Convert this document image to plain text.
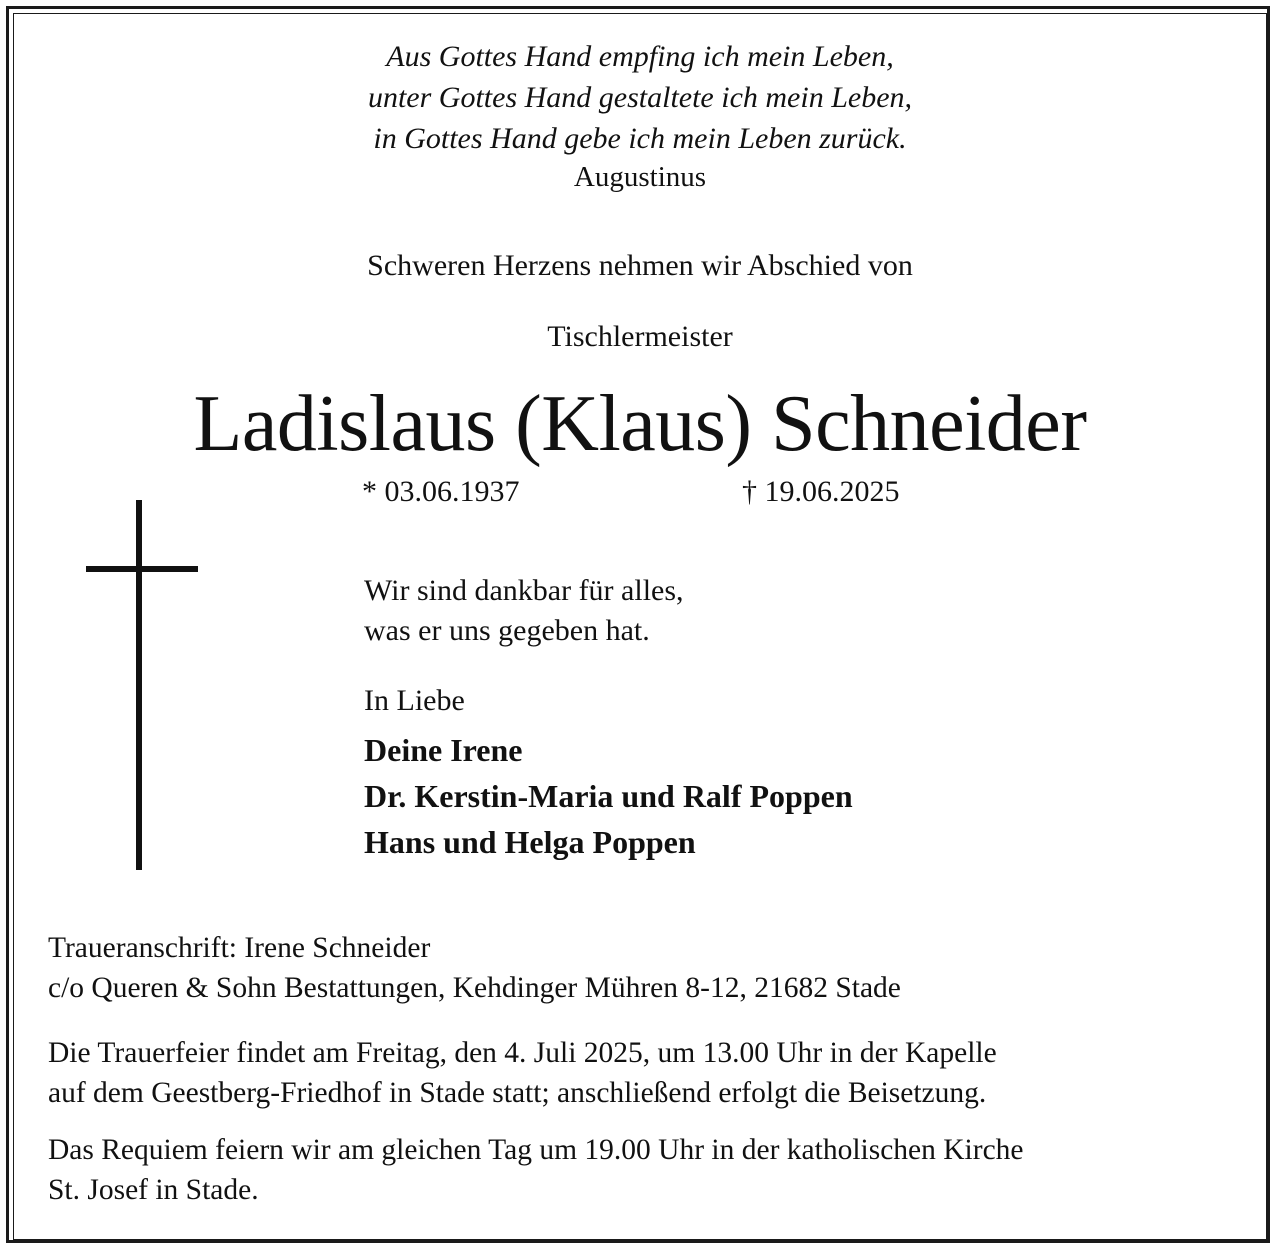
Aus Gottes Hand empfing ich mein Leben,
unter Gottes Hand gestaltete ich mein Leben,
in Gottes Hand gebe ich mein Leben zurück.
Augustinus
Schweren Herzens nehmen wir Abschied von
Tischlermeister
Ladislaus (Klaus) Schneider
* 03.06.1937	† 19.06.2025
Wir sind dankbar für alles,
was er uns gegeben hat.
In Liebe
Deine Irene
Dr. Kerstin-Maria und Ralf Poppen
Hans und Helga Poppen
Traueranschrift: Irene Schneider
c/o Queren & Sohn Bestattungen, Kehdinger Mühren 8-12, 21682 Stade
Die Trauerfeier findet am Freitag, den 4. Juli 2025, um 13.00 Uhr in der Kapelle
auf dem Geestberg-Friedhof in Stade statt; anschließend erfolgt die Beisetzung.
Das Requiem feiern wir am gleichen Tag um 19.00 Uhr in der katholischen Kirche
St. Josef in Stade.
